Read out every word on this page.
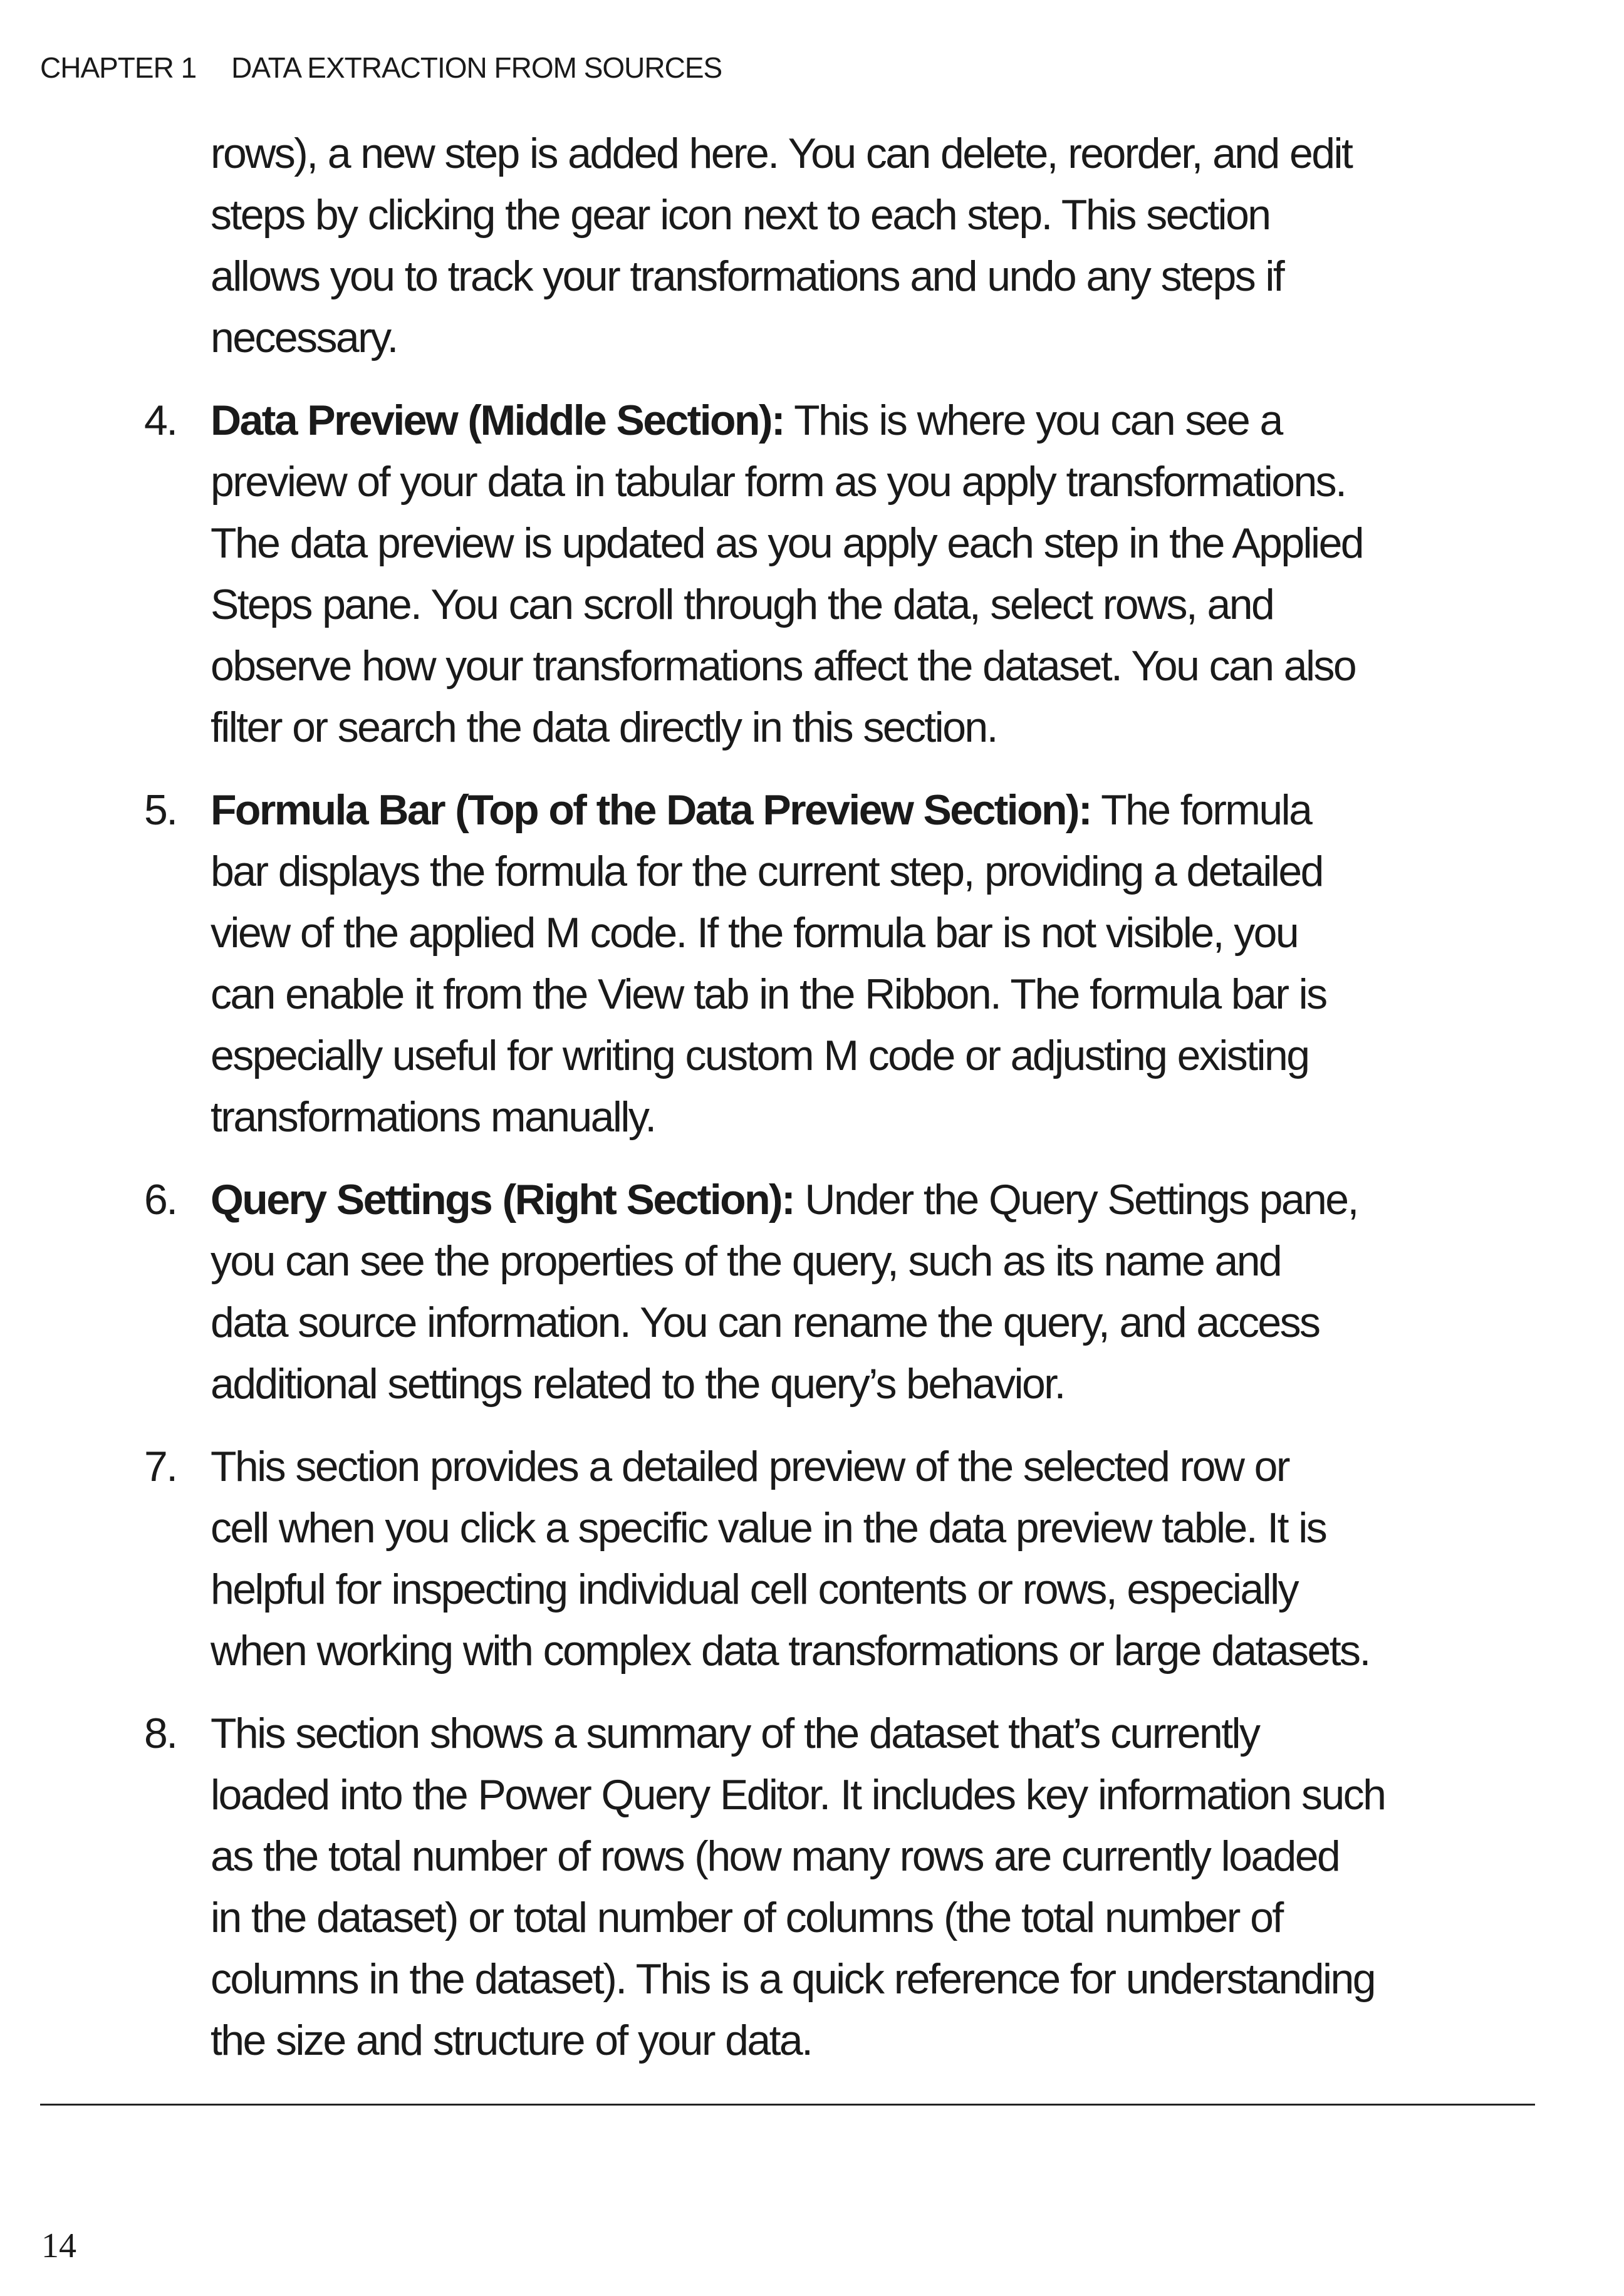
CHAPTER 1 DATA EXTRACTION FROM SOURCES
rows), a new step is added here. You can delete, reorder, and edit
steps by clicking the gear icon next to each step. This section
allows you to track your transformations and undo any steps if
necessary.
4. Data Preview (Middle Section): This is where you can see a

preview of your data in tabular form as you apply transformations.

The data preview is updated as you apply each step in the Applied

Steps pane. You can scroll through the data, select rows, and

observe how your transformations affect the dataset. You can also

filter or search the data directly in this section.

5. Formula Bar (Top of the Data Preview Section): The formula

bar displays the formula for the current step, providing a detailed

view of the applied M code. If the formula bar is not visible, you

can enable it from the View tab in the Ribbon. The formula bar is

especially useful for writing custom M code or adjusting existing

transformations manually.

6. Query Settings (Right Section): Under the Query Settings pane,

you can see the properties of the query, such as its name and

data source information. You can rename the query, and access

additional settings related to the query’s behavior.

7. This section provides a detailed preview of the selected row or

cell when you click a specific value in the data preview table. It is

helpful for inspecting individual cell contents or rows, especially

when working with complex data transformations or large datasets.

8. This section shows a summary of the dataset that’s currently

loaded into the Power Query Editor. It includes key information such

as the total number of rows (how many rows are currently loaded

in the dataset) or total number of columns (the total number of

columns in the dataset). This is a quick reference for understanding

the size and structure of your data.

14
